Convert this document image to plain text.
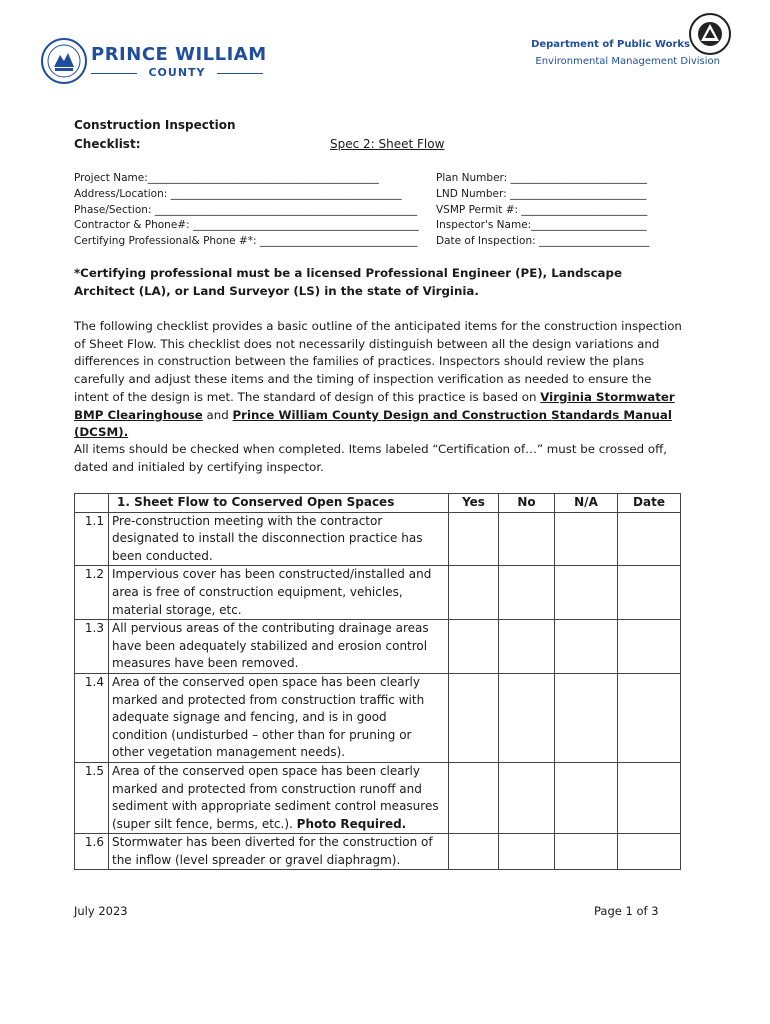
PRINCE WILLIAM
COUNTY
Department of Public Works
Environmental Management Division
Construction Inspection
Checklist:	Spec 2: Sheet Flow
Project Name:____________________________________________
Address/Location: ____________________________________________
Phase/Section: __________________________________________________
Contractor & Phone#: ___________________________________________
Certifying Professional& Phone #*: ______________________________
Plan Number: __________________________
LND Number: __________________________
VSMP Permit #: ________________________
Inspector's Name:______________________
Date of Inspection: _____________________
*Certifying professional must be a licensed Professional Engineer (PE), Landscape Architect (LA), or Land Surveyor (LS) in the state of Virginia.
The following checklist provides a basic outline of the anticipated items for the construction inspection of Sheet Flow. This checklist does not necessarily distinguish between all the design variations and differences in construction between the families of practices. Inspectors should review the plans carefully and adjust these items and the timing of inspection verification as needed to ensure the intent of the design is met. The standard of design of this practice is based on Virginia Stormwater BMP Clearinghouse and Prince William County Design and Construction Standards Manual (DCSM).
All items should be checked when completed. Items labeled “Certification of…” must be crossed off, dated and initialed by certifying inspector.
	1. Sheet Flow to Conserved Open Spaces	Yes	No	N/A	Date
1.1	Pre-construction meeting with the contractor designated to install the disconnection practice has been conducted.				
1.2	Impervious cover has been constructed/installed and area is free of construction equipment, vehicles, material storage, etc.				
1.3	All pervious areas of the contributing drainage areas have been adequately stabilized and erosion control measures have been removed.				
1.4	Area of the conserved open space has been clearly marked and protected from construction traffic with adequate signage and fencing, and is in good condition (undisturbed – other than for pruning or other vegetation management needs).				
1.5	Area of the conserved open space has been clearly marked and protected from construction runoff and sediment with appropriate sediment control measures (super silt fence, berms, etc.). Photo Required.				
1.6	Stormwater has been diverted for the construction of the inflow (level spreader or gravel diaphragm).				
July 2023	Page 1 of 3
